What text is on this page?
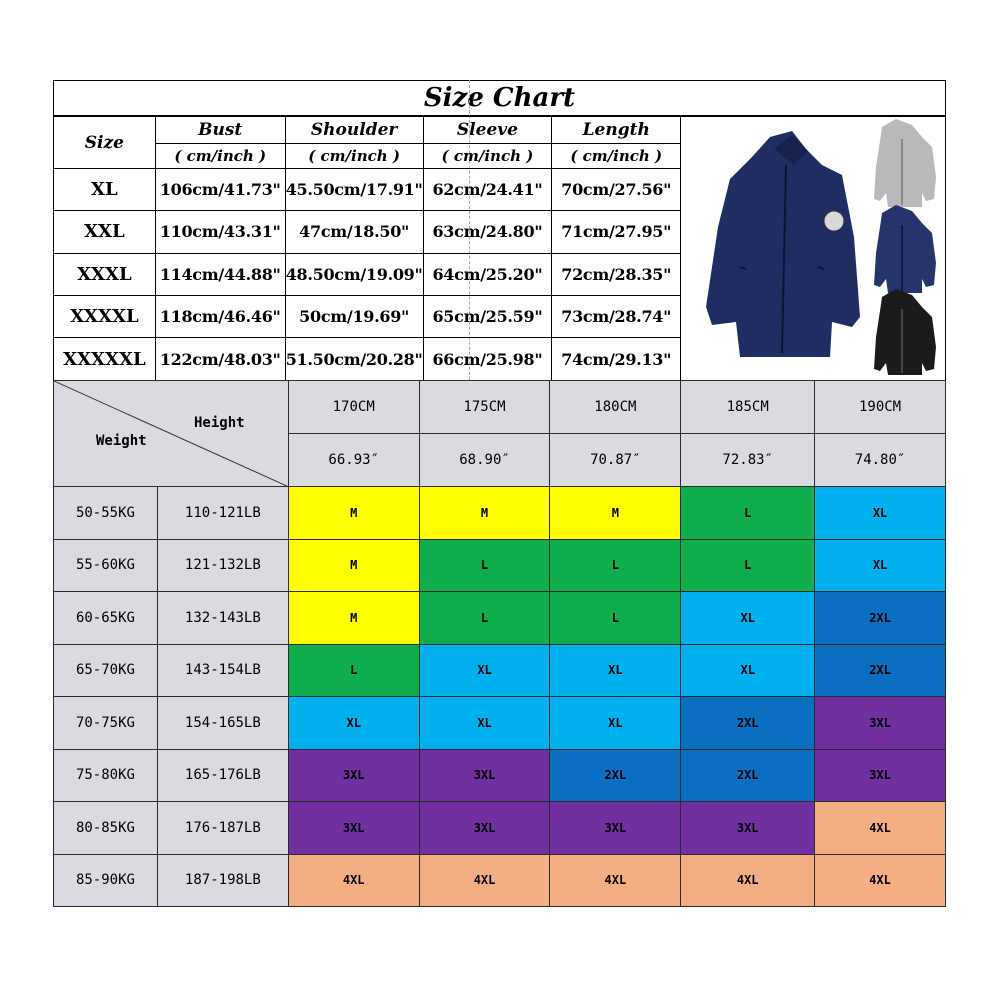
Size Chart
Size	Bust	Shoulder	Sleeve	Length	
	( cm/inch )	( cm/inch )	( cm/inch )	( cm/inch )	
XL	106cm/41.73"	45.50cm/17.91"	62cm/24.41"	70cm/27.56"	
XXL	110cm/43.31"	47cm/18.50"	63cm/24.80"	71cm/27.95"	
XXXL	114cm/44.88"	48.50cm/19.09"	64cm/25.20"	72cm/28.35"	
XXXXL	118cm/46.46"	50cm/19.69"	65cm/25.59"	73cm/28.74"	
XXXXXL	122cm/48.03"	51.50cm/20.28"	66cm/25.98"	74cm/29.13"	
Height
Weight		170CM	175CM	180CM	185CM	190CM
		66.93″	68.90″	70.87″	72.83″	74.80″
50-55KG	110-121LB	M	M	M	L	XL
55-60KG	121-132LB	M	L	L	L	XL
60-65KG	132-143LB	M	L	L	XL	2XL
65-70KG	143-154LB	L	XL	XL	XL	2XL
70-75KG	154-165LB	XL	XL	XL	2XL	3XL
75-80KG	165-176LB	3XL	3XL	2XL	2XL	3XL
80-85KG	176-187LB	3XL	3XL	3XL	3XL	4XL
85-90KG	187-198LB	4XL	4XL	4XL	4XL	4XL
